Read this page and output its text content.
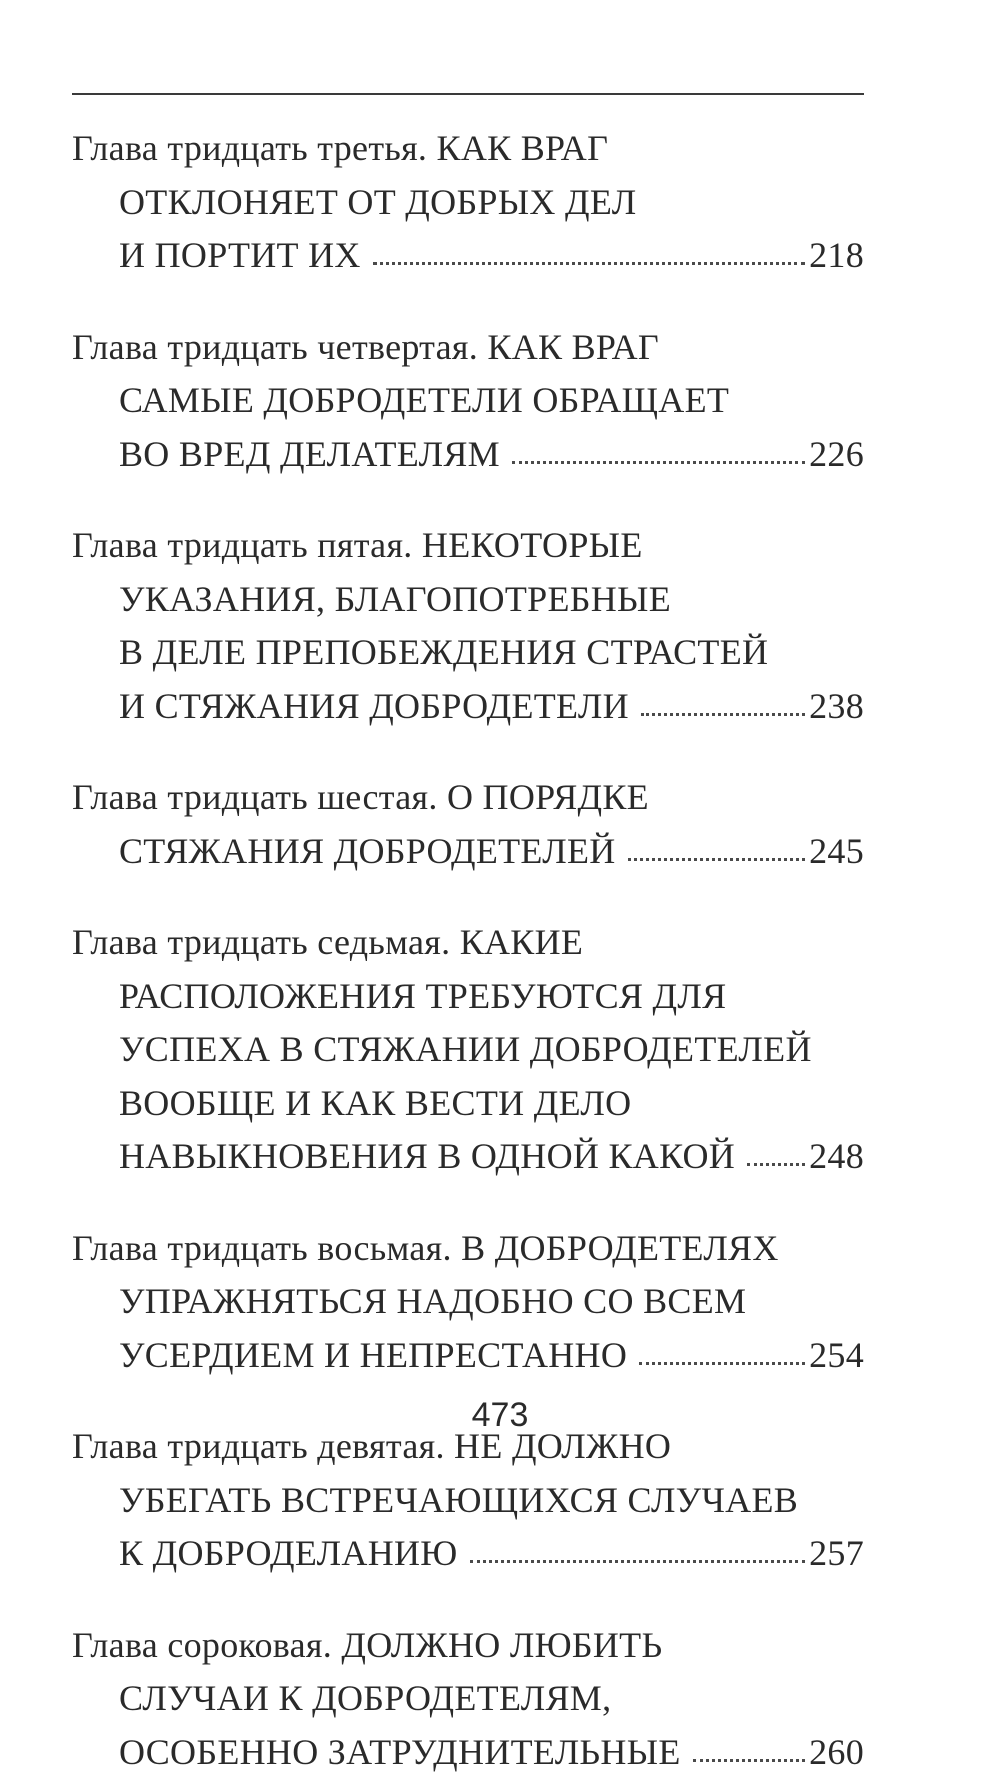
Глава тридцать третья. КАК ВРАГ
ОТКЛОНЯЕТ ОТ ДОБРЫХ ДЕЛ
И ПОРТИТ ИХ	218
Глава тридцать четвертая. КАК ВРАГ
САМЫЕ ДОБРОДЕТЕЛИ ОБРАЩАЕТ
ВО ВРЕД ДЕЛАТЕЛЯМ	226
Глава тридцать пятая. НЕКОТОРЫЕ
УКАЗАНИЯ, БЛАГОПОТРЕБНЫЕ
В ДЕЛЕ ПРЕПОБЕЖДЕНИЯ СТРАСТЕЙ
И СТЯЖАНИЯ ДОБРОДЕТЕЛИ	238
Глава тридцать шестая. О ПОРЯДКЕ
СТЯЖАНИЯ ДОБРОДЕТЕЛЕЙ	245
Глава тридцать седьмая. КАКИЕ
РАСПОЛОЖЕНИЯ ТРЕБУЮТСЯ ДЛЯ
УСПЕХА В СТЯЖАНИИ ДОБРОДЕТЕЛЕЙ
ВООБЩЕ И КАК ВЕСТИ ДЕЛО
НАВЫКНОВЕНИЯ В ОДНОЙ КАКОЙ 248
Глава тридцать восьмая. В ДОБРОДЕТЕЛЯХ
УПРАЖНЯТЬСЯ НАДОБНО СО ВСЕМ
УСЕРДИЕМ И НЕПРЕСТАННО	254
Глава тридцать девятая. НЕ ДОЛЖНО
УБЕГАТЬ ВСТРЕЧАЮЩИХСЯ СЛУЧАЕВ
К ДОБРОДЕЛАНИЮ	257
Глава сороковая. ДОЛЖНО ЛЮБИТЬ
СЛУЧАИ К ДОБРОДЕТЕЛЯМ,
ОСОБЕННО ЗАТРУДНИТЕЛЬНЫЕ	260
473
